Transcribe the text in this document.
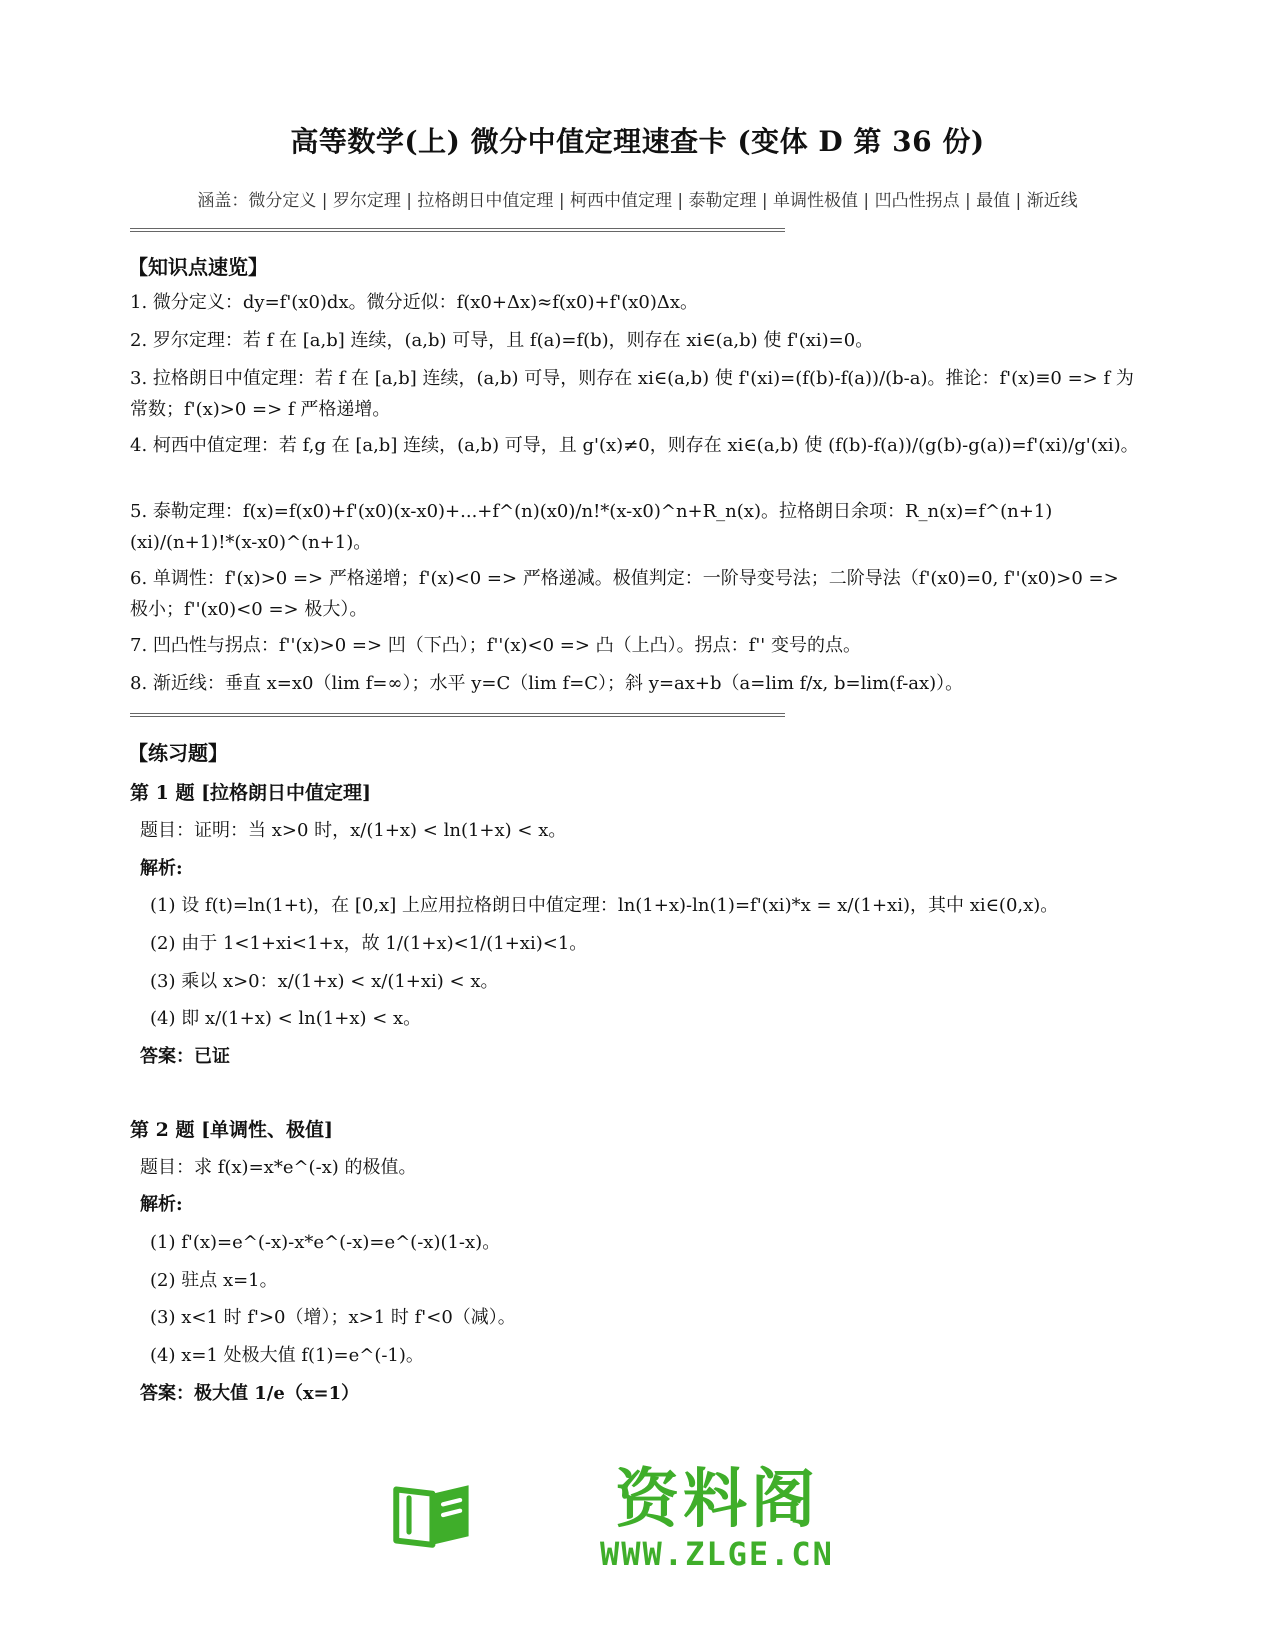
高等数学(上) 微分中值定理速查卡 (变体 D 第 36 份)
涵盖：微分定义 | 罗尔定理 | 拉格朗日中值定理 | 柯西中值定理 | 泰勒定理 | 单调性极值 | 凹凸性拐点 | 最值 | 渐近线
【知识点速览】
1. 微分定义：dy=f'(x0)dx。微分近似：f(x0+Δx)≈f(x0)+f'(x0)Δx。
2. 罗尔定理：若 f 在 [a,b] 连续，(a,b) 可导，且 f(a)=f(b)，则存在 xi∈(a,b) 使 f'(xi)=0。
3. 拉格朗日中值定理：若 f 在 [a,b] 连续，(a,b) 可导，则存在 xi∈(a,b) 使 f'(xi)=(f(b)-f(a))/(b-a)。推论：f'(x)≡0 => f 为常数；f'(x)>0 => f 严格递增。
4. 柯西中值定理：若 f,g 在 [a,b] 连续，(a,b) 可导，且 g'(x)≠0，则存在 xi∈(a,b) 使 (f(b)-f(a))/(g(b)-g(a))=f'(xi)/g'(xi)。
5. 泰勒定理：f(x)=f(x0)+f'(x0)(x-x0)+...+f^(n)(x0)/n!*(x-x0)^n+R_n(x)。拉格朗日余项：R_n(x)=f^(n+1)(xi)/(n+1)!*(x-x0)^(n+1)。
6. 单调性：f'(x)>0 => 严格递增；f'(x)<0 => 严格递减。极值判定：一阶导变号法；二阶导法（f'(x0)=0, f''(x0)>0 => 极小；f''(x0)<0 => 极大）。
7. 凹凸性与拐点：f''(x)>0 => 凹（下凸）；f''(x)<0 => 凸（上凸）。拐点：f'' 变号的点。
8. 渐近线：垂直 x=x0（lim f=∞）；水平 y=C（lim f=C）；斜 y=ax+b（a=lim f/x, b=lim(f-ax)）。
【练习题】
第 1 题 [拉格朗日中值定理]
题目：证明：当 x>0 时，x/(1+x) < ln(1+x) < x。
解析:
(1) 设 f(t)=ln(1+t)，在 [0,x] 上应用拉格朗日中值定理：ln(1+x)-ln(1)=f'(xi)*x = x/(1+xi)，其中 xi∈(0,x)。
(2) 由于 1<1+xi<1+x，故 1/(1+x)<1/(1+xi)<1。
(3) 乘以 x>0：x/(1+x) < x/(1+xi) < x。
(4) 即 x/(1+x) < ln(1+x) < x。
答案：已证
第 2 题 [单调性、极值]
题目：求 f(x)=x*e^(-x) 的极值。
解析:
(1) f'(x)=e^(-x)-x*e^(-x)=e^(-x)(1-x)。
(2) 驻点 x=1。
(3) x<1 时 f'>0（增）；x>1 时 f'<0（减）。
(4) x=1 处极大值 f(1)=e^(-1)。
答案：极大值 1/e（x=1）
资料阁
WWW.ZLGE.CN
